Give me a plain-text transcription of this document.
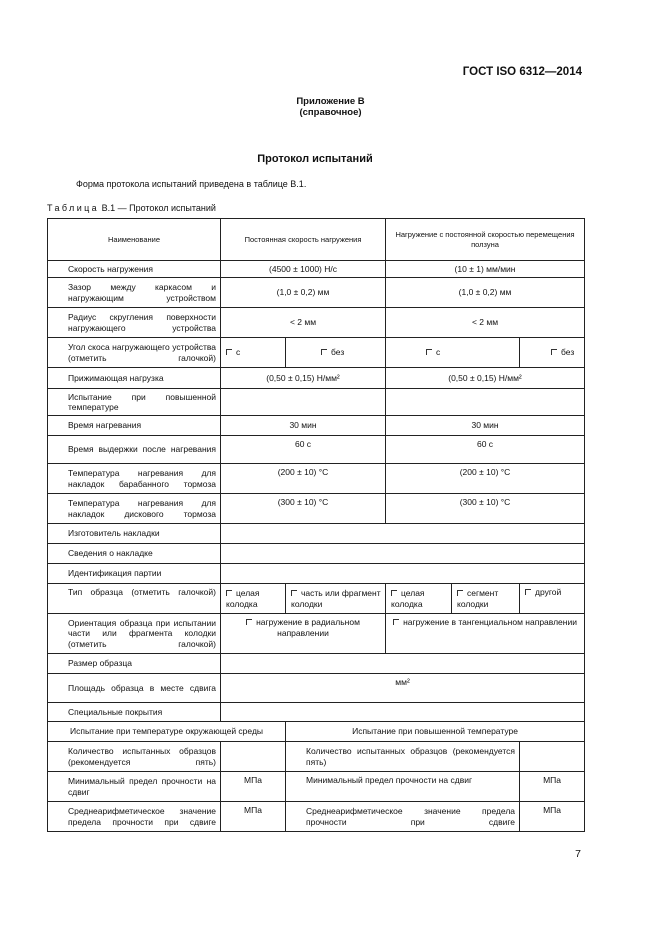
ГОСТ ISO 6312—2014
Приложение В
(справочное)
Протокол испытаний
Форма протокола испытаний приведена в таблице В.1.
Таблица В.1 — Протокол испытаний
Наименование	Постоянная скорость нагружения		Нагружение с постоянной скоростью перемещения ползуна		
Скорость нагружения	(4500 ± 1000) Н/с		(10 ± 1) мм/мин		
Зазор между каркасом и нагружающим устройством	(1,0 ± 0,2) мм		(1,0 ± 0,2) мм		
Радиус скругления поверхности нагружающего устройства	< 2 мм		< 2 мм		
Угол скоса нагружающего устройства (отметить галочкой)	с	без	с		без
Прижимающая нагрузка	(0,50 ± 0,15) Н/мм²		(0,50 ± 0,15) Н/мм²		
Испытание при повышенной температуре					
Время нагревания	30 мин		30 мин		
Время выдержки после нагревания	60 с		60 с		
Температура нагревания для накладок барабанного тормоза	(200 ± 10) °С		(200 ± 10) °С		
Температура нагревания для накладок дискового тормоза	(300 ± 10) °С		(300 ± 10) °С		
Изготовитель накладки					
Сведения о накладке					
Идентификация партии					
Тип образца (отметить галочкой)	целая колодка	часть или фрагмент колодки	целая колодка	сегмент колодки	другой
Ориентация образца при испытании части или фрагмента колодки (отметить галочкой)	нагружение в радиальном направлении		нагружение в тангенциальном направлении		
Размер образца					
Площадь образца в месте сдвига	мм²				
Специальные покрытия					
Испытание при температуре окружающей среды		Испытание при повышенной температуре			
Количество испытанных образцов (рекомендуется пять)		Количество испытанных образцов (рекомендуется пять)			
Минимальный предел прочности на сдвиг	МПа	Минимальный предел прочности на сдвиг			МПа
Среднеарифметическое значение предела прочности при сдвиге	МПа	Среднеарифметическое значение предела прочности при сдвиге			МПа
7
